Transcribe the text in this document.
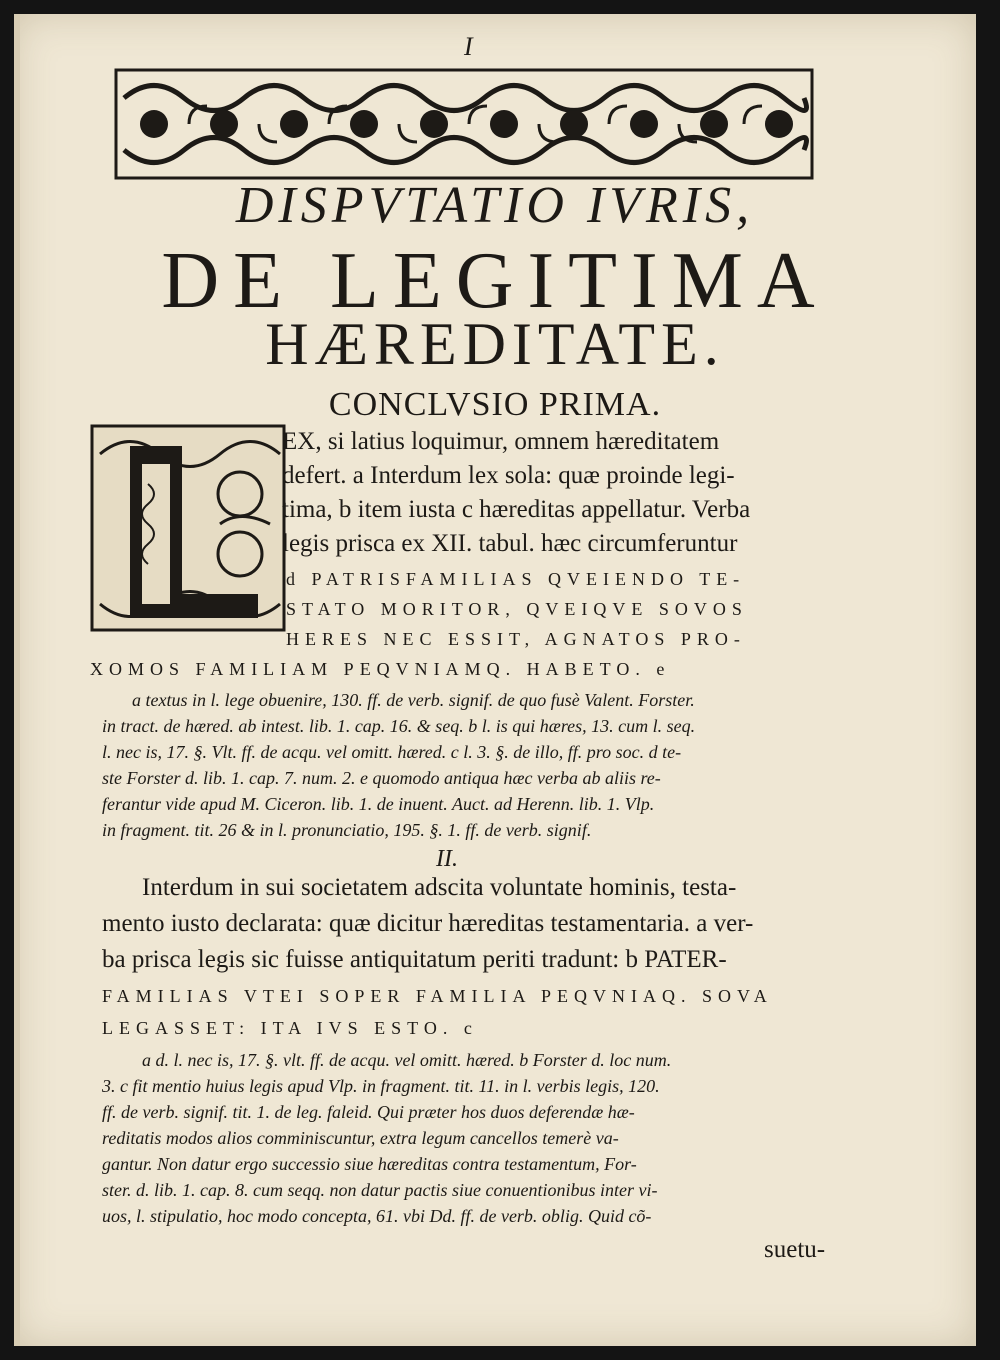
I
DISPVTATIO IVRIS,
DE LEGITIMA
HÆREDITATE.
CONCLVSIO PRIMA.
EX, si latius loquimur, omnem hæreditatem
defert. a Interdum lex sola: quæ proinde legi-
tima, b item iusta c hæreditas appellatur. Verba
legis prisca ex XII. tabul. hæc circumferuntur
d PATRISFAMILIAS QVEIENDO TE-
STATO MORITOR, QVEIQVE SOVOS
HERES NEC ESSIT, AGNATOS PRO-
XOMOS FAMILIAM PEQVNIAMQ. HABETO. e
a textus in l. lege obuenire, 130. ff. de verb. signif. de quo fusè Valent. Forster.
in tract. de hæred. ab intest. lib. 1. cap. 16. & seq. b l. is qui hæres, 13. cum l. seq.
l. nec is, 17. §. Vlt. ff. de acqu. vel omitt. hæred. c l. 3. §. de illo, ff. pro soc. d te-
ste Forster d. lib. 1. cap. 7. num. 2. e quomodo antiqua hæc verba ab aliis re-
ferantur vide apud M. Ciceron. lib. 1. de inuent. Auct. ad Herenn. lib. 1. Vlp.
in fragment. tit. 26 & in l. pronunciatio, 195. §. 1. ff. de verb. signif.
II.
Interdum in sui societatem adscita voluntate hominis, testa-
mento iusto declarata: quæ dicitur hæreditas testamentaria. a ver-
ba prisca legis sic fuisse antiquitatum periti tradunt: b PATER-
FAMILIAS VTEI SOPER FAMILIA PEQVNIAQ. SOVA
LEGASSET: ITA IVS ESTO. c
a d. l. nec is, 17. §. vlt. ff. de acqu. vel omitt. hæred. b Forster d. loc num.
3. c fit mentio huius legis apud Vlp. in fragment. tit. 11. in l. verbis legis, 120.
ff. de verb. signif. tit. 1. de leg. faleid. Qui præter hos duos deferendæ hæ-
reditatis modos alios comminiscuntur, extra legum cancellos temerè va-
gantur. Non datur ergo successio siue hæreditas contra testamentum, For-
ster. d. lib. 1. cap. 8. cum seqq. non datur pactis siue conuentionibus inter vi-
uos, l. stipulatio, hoc modo concepta, 61. vbi Dd. ff. de verb. oblig. Quid cõ-
suetu-
